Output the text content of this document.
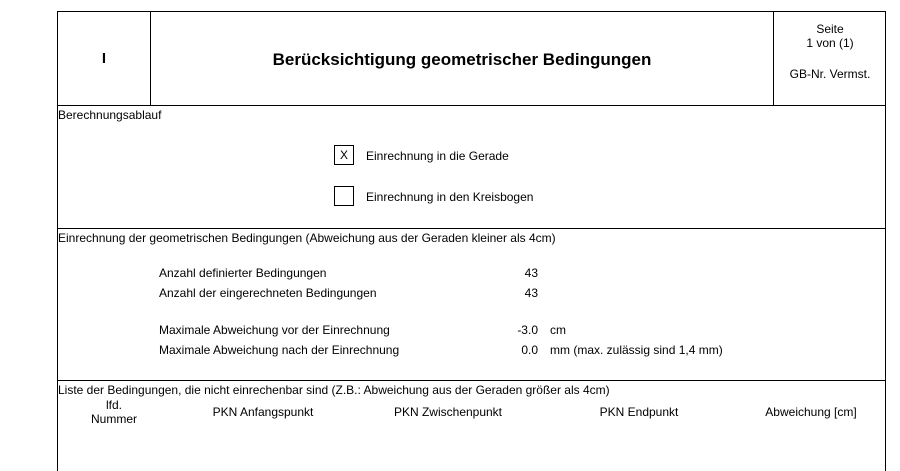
I	Berücksichtigung geometrischer Bedingungen
Seite
1 von (1)
GB-Nr. Vermst.
Berechnungsablauf
X	Einrechnung in die Gerade
Einrechnung in den Kreisbogen
Einrechnung der geometrischen Bedingungen (Abweichung aus der Geraden kleiner als 4cm)
Anzahl definierter Bedingungen	43
Anzahl der eingerechneten Bedingungen	43
Maximale Abweichung vor der Einrechnung	-3.0 cm
Maximale Abweichung nach der Einrechnung	0.0 mm (max. zulässig sind 1,4 mm)
Liste der Bedingungen, die nicht einrechenbar sind (Z.B.: Abweichung aus der Geraden größer als 4cm)
lfd.
Nummer	PKN Anfangspunkt	PKN Zwischenpunkt	PKN Endpunkt	Abweichung [cm]
